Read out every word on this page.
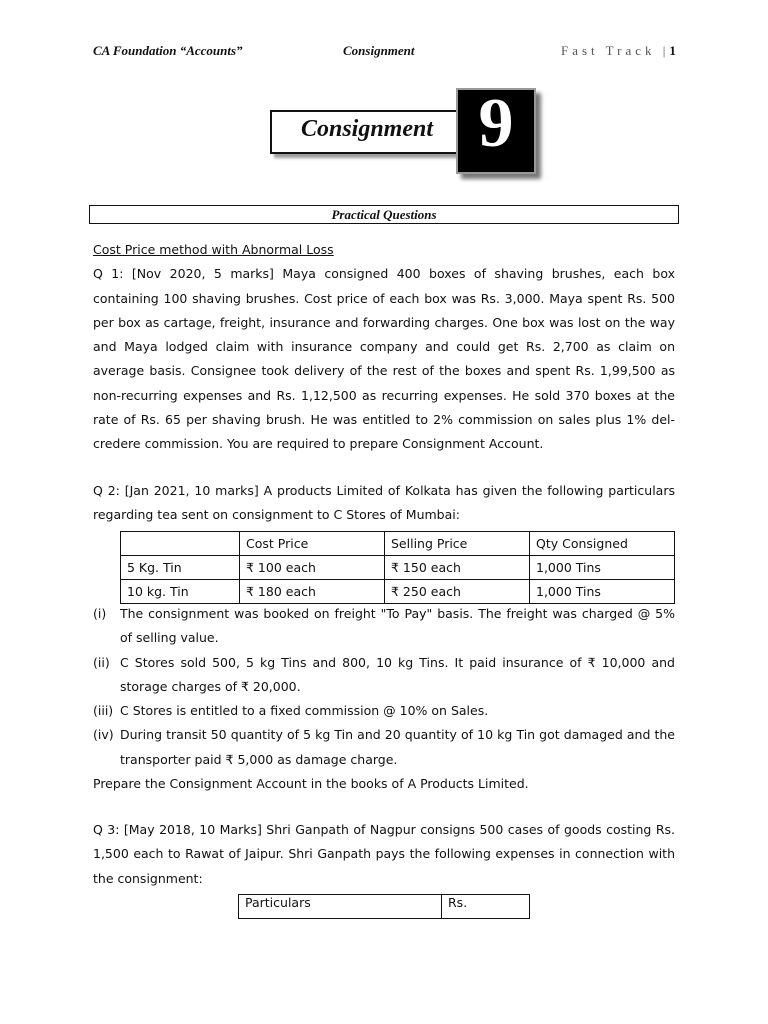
CA Foundation “Accounts”	Consignment	Fast Track |1
Consignment 9
Practical Questions
Cost Price method with Abnormal Loss
Q 1: [Nov 2020, 5 marks] Maya consigned 400 boxes of shaving brushes, each box containing 100 shaving brushes. Cost price of each box was Rs. 3,000. Maya spent Rs. 500 per box as cartage, freight, insurance and forwarding charges. One box was lost on the way and Maya lodged claim with insurance company and could get Rs. 2,700 as claim on average basis. Consignee took delivery of the rest of the boxes and spent Rs. 1,99,500 as non-recurring expenses and Rs. 1,12,500 as recurring expenses. He sold 370 boxes at the rate of Rs. 65 per shaving brush. He was entitled to 2% commission on sales plus 1% del-credere commission. You are required to prepare Consignment Account.
Q 2: [Jan 2021, 10 marks] A products Limited of Kolkata has given the following particulars regarding tea sent on consignment to C Stores of Mumbai:
	Cost Price	Selling Price	Qty Consigned
5 Kg. Tin	₹ 100 each	₹ 150 each	1,000 Tins
10 kg. Tin	₹ 180 each	₹ 250 each	1,000 Tins
(i) The consignment was booked on freight "To Pay" basis. The freight was charged @ 5% of selling value.
(ii) C Stores sold 500, 5 kg Tins and 800, 10 kg Tins. It paid insurance of ₹ 10,000 and storage charges of ₹ 20,000.
(iii) C Stores is entitled to a fixed commission @ 10% on Sales.
(iv) During transit 50 quantity of 5 kg Tin and 20 quantity of 10 kg Tin got damaged and the transporter paid ₹ 5,000 as damage charge.
Prepare the Consignment Account in the books of A Products Limited.
Q 3: [May 2018, 10 Marks] Shri Ganpath of Nagpur consigns 500 cases of goods costing Rs. 1,500 each to Rawat of Jaipur. Shri Ganpath pays the following expenses in connection with the consignment:
Particulars	Rs.
